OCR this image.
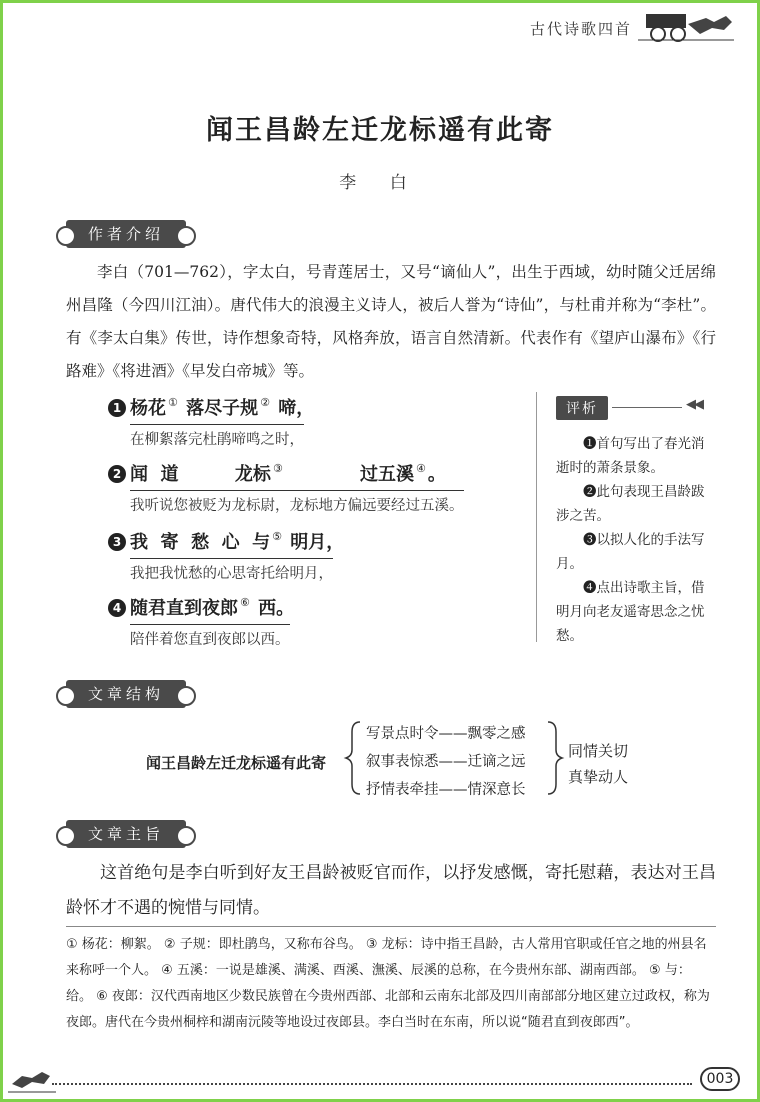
古代诗歌四首
闻王昌龄左迁龙标遥有此寄
李 白
作者介绍
李白（701—762），字太白，号青莲居士，又号“谪仙人”，出生于西域，幼时随父迁居绵州昌隆（今四川江油）。唐代伟大的浪漫主义诗人，被后人誉为“诗仙”，与杜甫并称为“李杜”。有《李太白集》传世，诗作想象奇特，风格奔放，语言自然清新。代表作有《望庐山瀑布》《行路难》《将进酒》《早发白帝城》等。
1 杨花 ① 落尽子规 ② 啼，
在柳絮落完杜鹃啼鸣之时，
2 闻  道         龙标 ③            过五溪 ④ 。
我听说您被贬为龙标尉，龙标地方偏远要经过五溪。
3 我  寄  愁  心  与 ⑤ 明月，
我把我忧愁的心思寄托给明月，
4 随君直到夜郎 ⑥ 西。
陪伴着您直到夜郎以西。
评析	◀◀

❶首句写出了春光消逝时的萧条景象。

❷此句表现王昌龄跋涉之苦。

❸以拟人化的手法写月。

❹点出诗歌主旨，借明月向老友遥寄思念之忧愁。

文章结构
闻王昌龄左迁龙标遥有此寄
写景点时令——飘零之感
叙事表惊悉——迁谪之远
抒情表牵挂——情深意长
同情关切
真挚动人
文章主旨
这首绝句是李白听到好友王昌龄被贬官而作，以抒发感慨，寄托慰藉，表达对王昌龄怀才不遇的惋惜与同情。
① 杨花：柳絮。 ② 子规：即杜鹃鸟，又称布谷鸟。 ③ 龙标：诗中指王昌龄，古人常用官职或任官之地的州县名来称呼一个人。 ④ 五溪：一说是雄溪、满溪、酉溪、潕溪、辰溪的总称，在今贵州东部、湖南西部。 ⑤ 与：给。 ⑥ 夜郎：汉代西南地区少数民族曾在今贵州西部、北部和云南东北部及四川南部部分地区建立过政权，称为夜郎。唐代在今贵州桐梓和湖南沅陵等地设过夜郎县。李白当时在东南，所以说“随君直到夜郎西”。
003
